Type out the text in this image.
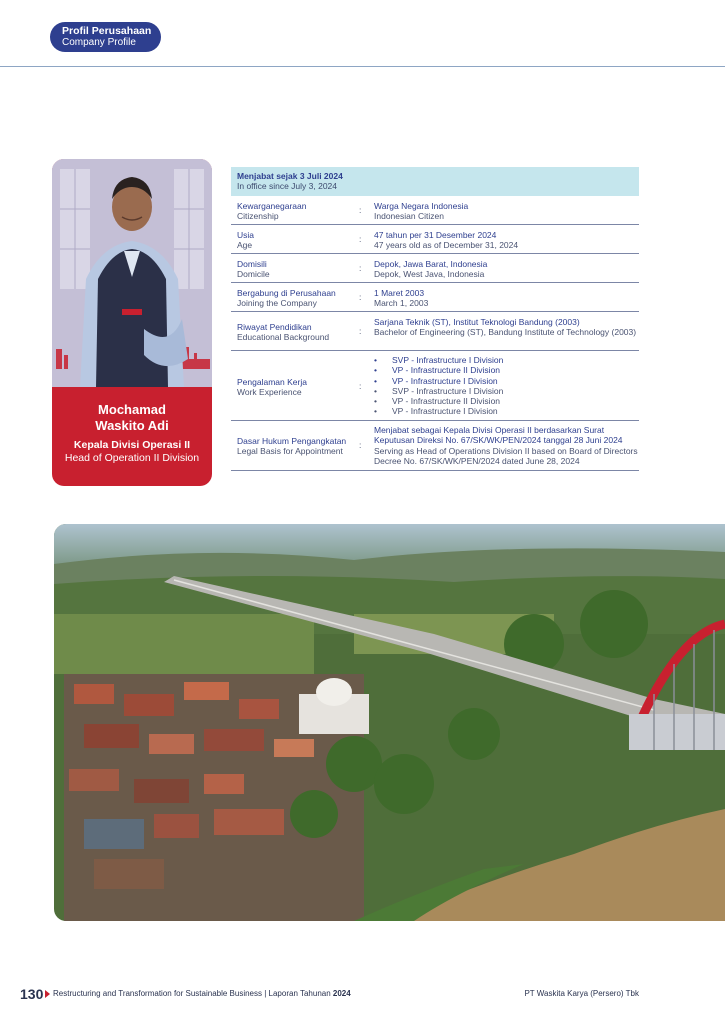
Profil Perusahaan
Company Profile
Mochamad
Waskito Adi
Kepala Divisi Operasi II
Head of Operation II Division
Menjabat sejak 3 Juli 2024
In office since July 3, 2024
Kewarganegaraan
Citizenship
: Warga Negara Indonesia
Indonesian Citizen
Usia
Age
: 47 tahun per 31 Desember 2024
47 years old as of December 31, 2024
Domisili
Domicile
: Depok, Jawa Barat, Indonesia
Depok, West Java, Indonesia
Bergabung di Perusahaan
Joining the Company
: 1 Maret 2003
March 1, 2003
Riwayat Pendidikan
Educational Background
:
Sarjana Teknik (ST), Institut Teknologi Bandung (2003)
Bachelor of Engineering (ST), Bandung Institute of Technology (2003)
Pengalaman Kerja
Work Experience
:
• SVP - Infrastructure I Division
• VP - Infrastructure II Division
• VP - Infrastructure I Division
• SVP - Infrastructure I Division
• VP - Infrastructure II Division
• VP - Infrastructure I Division
Dasar Hukum Pengangkatan
Legal Basis for Appointment
:
Menjabat sebagai Kepala Divisi Operasi II berdasarkan Surat Keputusan Direksi No. 67/SK/WK/PEN/2024 tanggal 28 Juni 2024
Serving as Head of Operations Division II based on Board of Directors Decree No. 67/SK/WK/PEN/2024 dated June 28, 2024
130 Restructuring and Transformation for Sustainable Business | Laporan Tahunan 2024	PT Waskita Karya (Persero) Tbk
